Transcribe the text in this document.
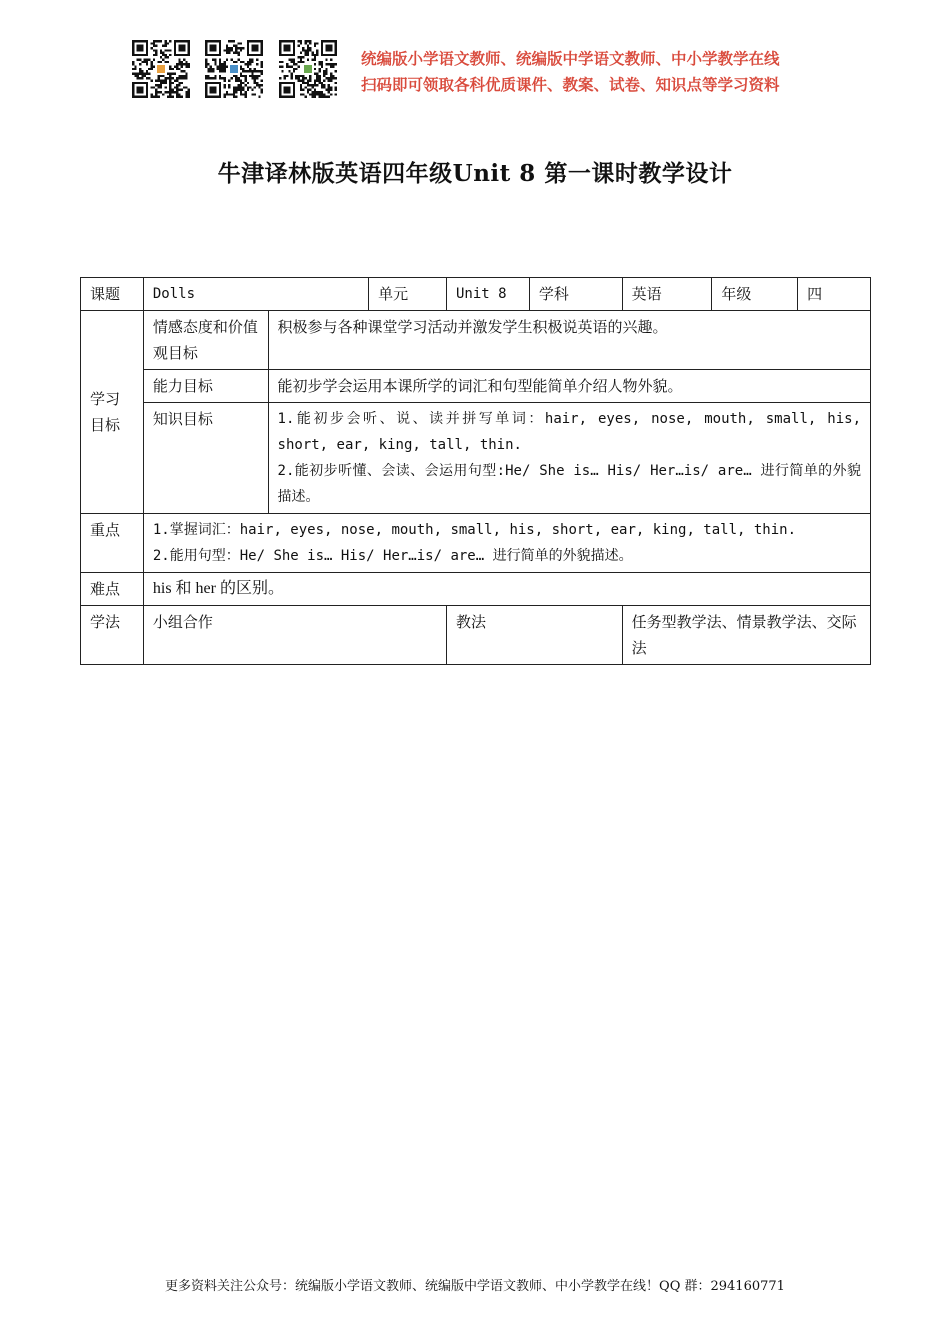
统编版小学语文教师、统编版中学语文教师、中小学教学在线
扫码即可领取各科优质课件、教案、试卷、知识点等学习资料
牛津译林版英语四年级Unit 8 第一课时教学设计
课题	Dolls		单元	Unit 8	学科	英语	年级	四
学习目标	情感态度和价值观目标	积极参与各种课堂学习活动并激发学生积极说英语的兴趣。						
	能力目标	能初步学会运用本课所学的词汇和句型能简单介绍人物外貌。						
	知识目标	1.能初步会听、说、读并拼写单词：hair, eyes, nose, mouth, small, his, short, ear, king, tall, thin.
2.能初步听懂、会读、会运用句型:He/ She is… His/ Her…is/ are… 进行简单的外貌描述。						

重点	1.掌握词汇：hair, eyes, nose, mouth, small, his, short, ear, king, tall, thin.
2.能用句型：He/ She is… His/ Her…is/ are… 进行简单的外貌描述。							

难点	his 和 her 的区别。							
学法	小组合作			教法		任务型教学法、情景教学法、交际法		
更多资料关注公众号：统编版小学语文教师、统编版中学语文教师、中小学教学在线！QQ 群：294160771
